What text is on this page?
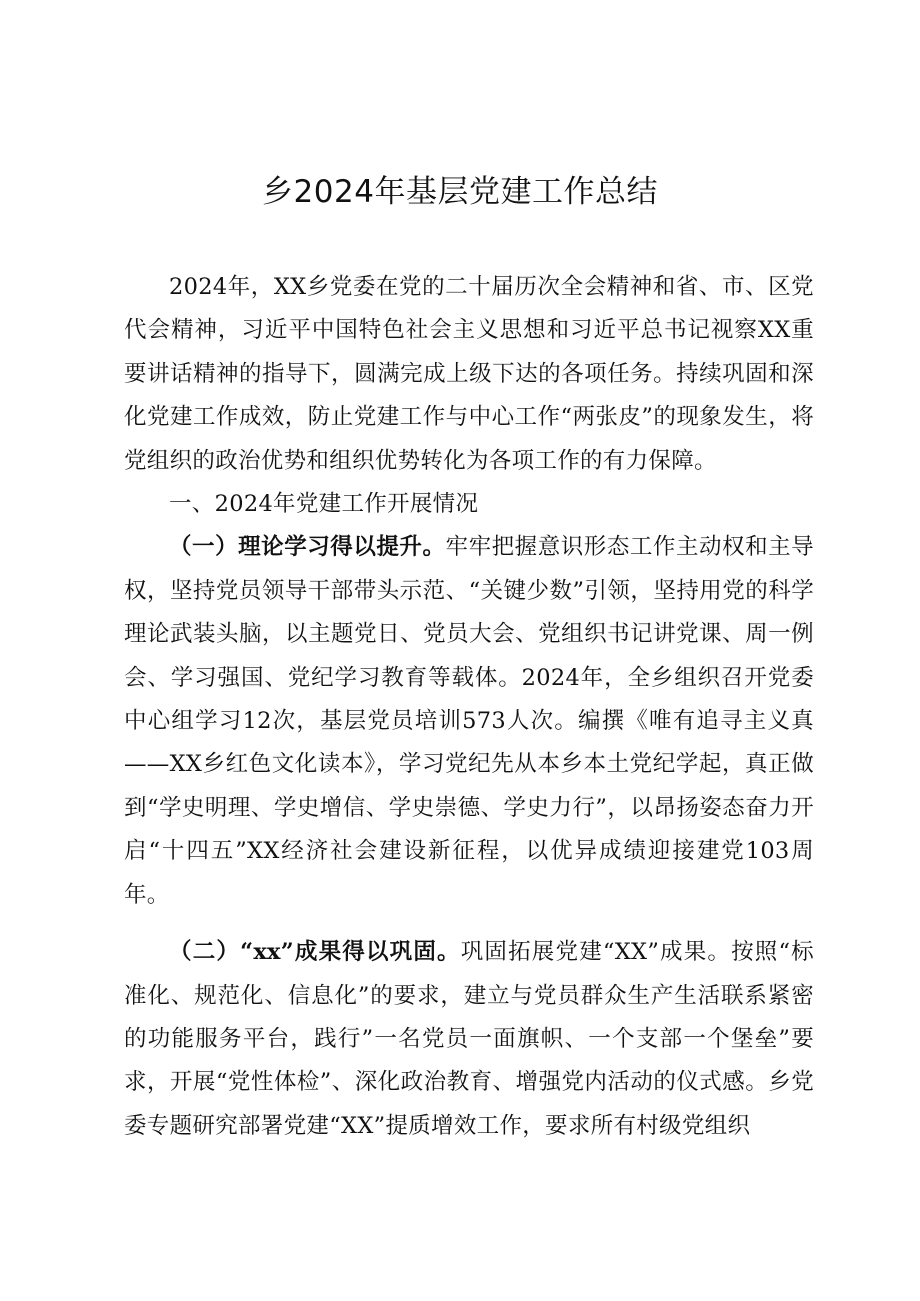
乡2024年基层党建工作总结

2024年，XX乡党委在党的二十届历次全会精神和省、市、区党代会精神，习近平中国特色社会主义思想和习近平总书记视察XX重要讲话精神的指导下，圆满完成上级下达的各项任务。持续巩固和深化党建工作成效，防止党建工作与中心工作“两张皮”的现象发生，将党组织的政治优势和组织优势转化为各项工作的有力保障。

一、2024年党建工作开展情况

（一）理论学习得以提升。牢牢把握意识形态工作主动权和主导权，坚持党员领导干部带头示范、“关键少数”引领，坚持用党的科学理论武装头脑，以主题党日、党员大会、党组织书记讲党课、周一例会、学习强国、党纪学习教育等载体。2024年，全乡组织召开党委中心组学习12次，基层党员培训573人次。编撰《唯有追寻主义真——XX乡红色文化读本》，学习党纪先从本乡本土党纪学起，真正做到“学史明理、学史增信、学史崇德、学史力行”，以昂扬姿态奋力开启“十四五”XX经济社会建设新征程，以优异成绩迎接建党103周年。

（二）“xx”成果得以巩固。巩固拓展党建“XX”成果。按照“标准化、规范化、信息化”的要求，建立与党员群众生产生活联系紧密的功能服务平台，践行”一名党员一面旗帜、一个支部一个堡垒”要求，开展“党性体检”、深化政治教育、增强党内活动的仪式感。乡党委专题研究部署党建“XX”提质增效工作，要求所有村级党组织
